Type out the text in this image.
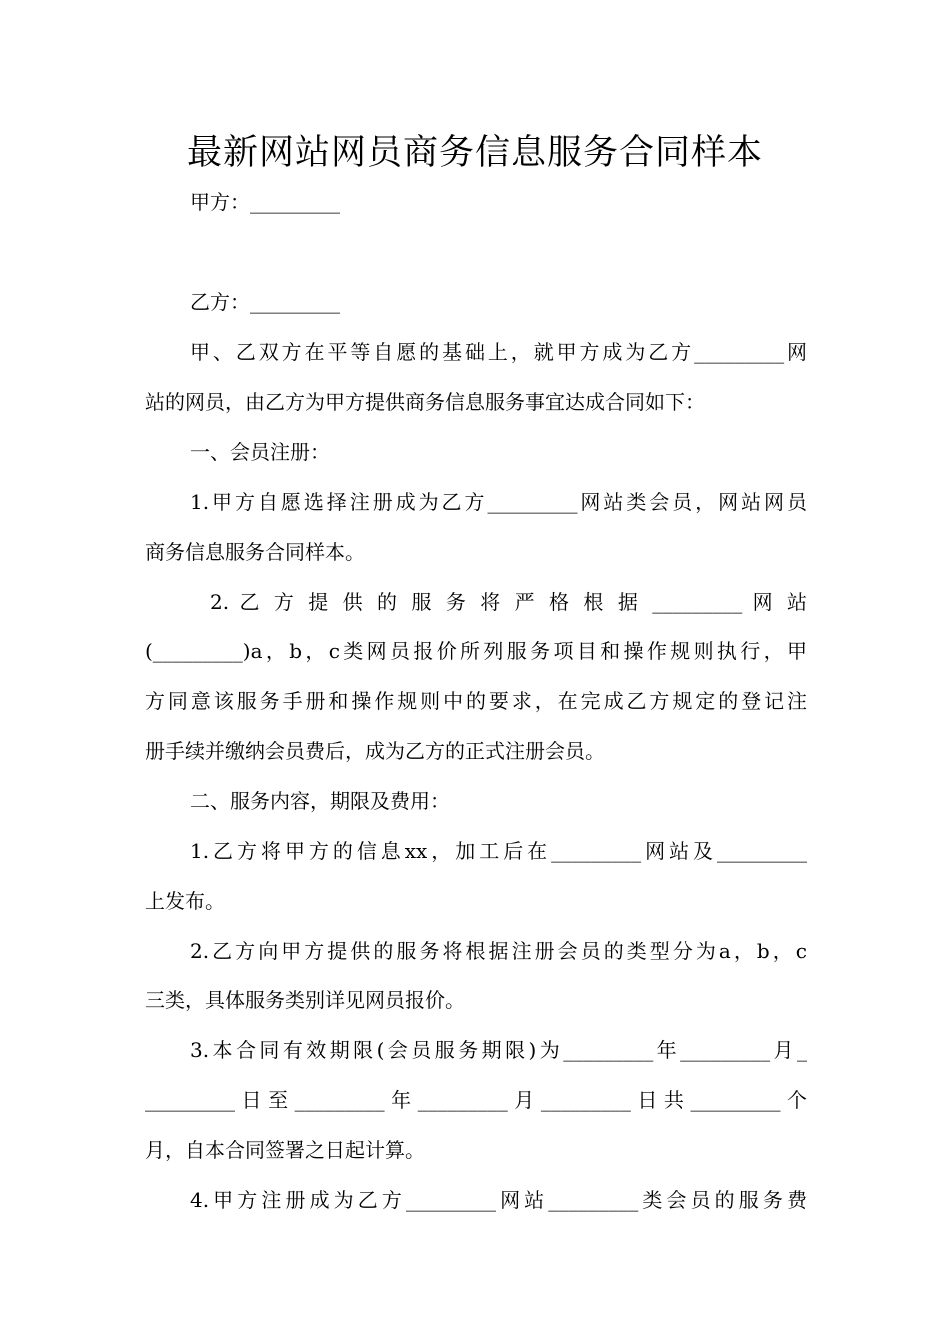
最新网站网员商务信息服务合同样本
甲方：_________
乙方：_________
甲、乙双方在平等自愿的基础上，就甲方成为乙方_________网
站的网员，由乙方为甲方提供商务信息服务事宜达成合同如下：
一、会员注册：
1.甲方自愿选择注册成为乙方_________网站类会员，网站网员
商务信息服务合同样本。
2. 乙 方 提 供 的 服 务 将 严 格 根 据 _________ 网 站
(_________)a，b，c类网员报价所列服务项目和操作规则执行，甲
方同意该服务手册和操作规则中的要求，在完成乙方规定的登记注
册手续并缴纳会员费后，成为乙方的正式注册会员。
二、服务内容，期限及费用：
1.乙方将甲方的信息xx，加工后在_________网站及_________
上发布。
2.乙方向甲方提供的服务将根据注册会员的类型分为a，b，c
三类，具体服务类别详见网员报价。
3.本合同有效期限(会员服务期限)为_________年_________月_
_________日至_________年_________月_________日共_________个
月，自本合同签署之日起计算。
4.甲方注册成为乙方_________网站_________类会员的服务费
